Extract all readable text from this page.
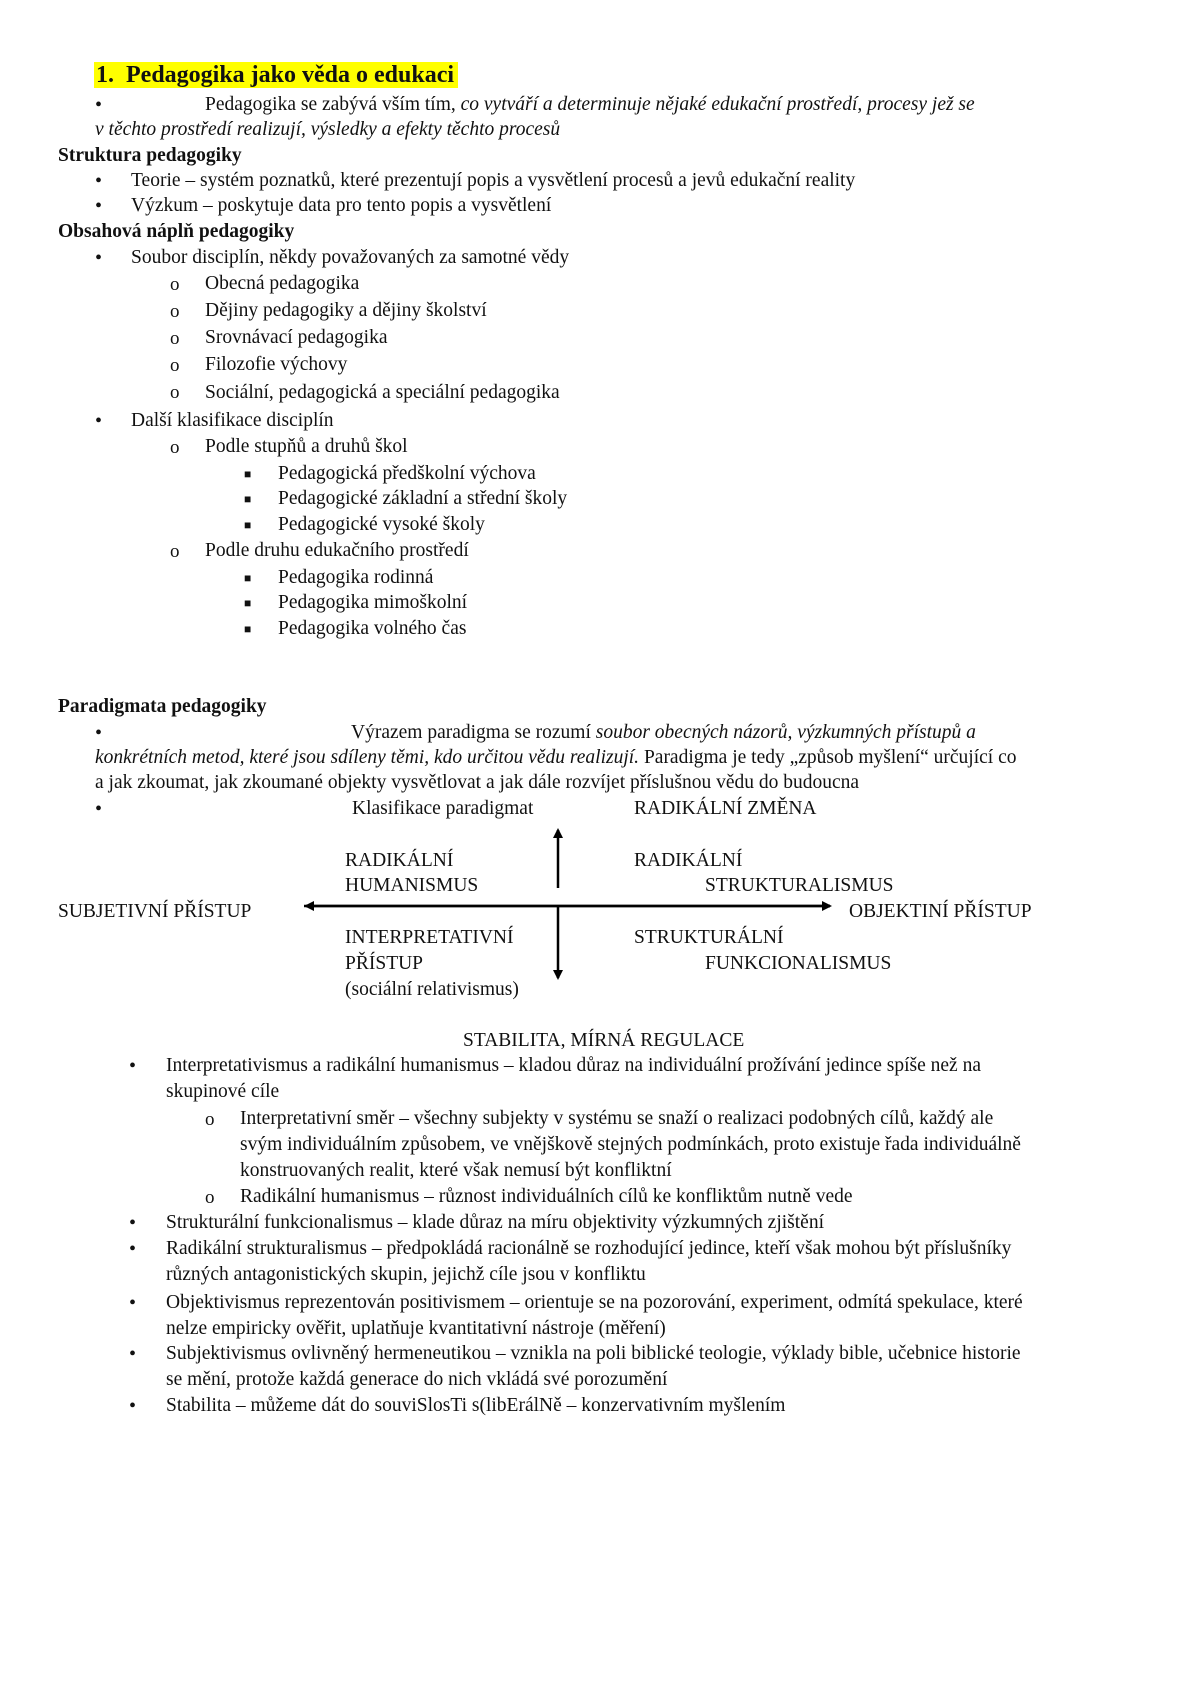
1. Pedagogika jako věda o edukaci
•	Pedagogika se zabývá vším tím, co vytváří a determinuje nějaké edukační prostředí, procesy jež se
v těchto prostředí realizují, výsledky a efekty těchto procesů
Struktura pedagogiky
• Teorie – systém poznatků, které prezentují popis a vysvětlení procesů a jevů edukační reality
• Výzkum – poskytuje data pro tento popis a vysvětlení
Obsahová náplň pedagogiky
• Soubor disciplín, někdy považovaných za samotné vědy
o Obecná pedagogika
o Dějiny pedagogiky a dějiny školství
o Srovnávací pedagogika
o Filozofie výchovy
o Sociální, pedagogická a speciální pedagogika
• Další klasifikace disciplín
o Podle stupňů a druhů škol
■ Pedagogická předškolní výchova
■ Pedagogické základní a střední školy
■ Pedagogické vysoké školy
o Podle druhu edukačního prostředí
■ Pedagogika rodinná
■ Pedagogika mimoškolní
■ Pedagogika volného čas
Paradigmata pedagogiky
•	Výrazem paradigma se rozumí soubor obecných názorů, výzkumných přístupů a
konkrétních metod, které jsou sdíleny těmi, kdo určitou vědu realizují. Paradigma je tedy „způsob myšlení“ určující co
a jak zkoumat, jak zkoumané objekty vysvětlovat a jak dále rozvíjet příslušnou vědu do budoucna
•	Klasifikace paradigmat	RADIKÁLNÍ ZMĚNA
RADIKÁLNÍ
HUMANISMUS
RADIKÁLNÍ
STRUKTURALISMUS
SUBJETIVNÍ PŘÍSTUP	OBJEKTINÍ PŘÍSTUP
INTERPRETATIVNÍ
PŘÍSTUP
(sociální relativismus)
STRUKTURÁLNÍ
FUNKCIONALISMUS
STABILITA, MÍRNÁ REGULACE
• Interpretativismus a radikální humanismus – kladou důraz na individuální prožívání jedince spíše než na
skupinové cíle
o Interpretativní směr – všechny subjekty v systému se snaží o realizaci podobných cílů, každý ale
svým individuálním způsobem, ve vnějškově stejných podmínkách, proto existuje řada individuálně
konstruovaných realit, které však nemusí být konfliktní
o Radikální humanismus – různost individuálních cílů ke konfliktům nutně vede
• Strukturální funkcionalismus – klade důraz na míru objektivity výzkumných zjištění
• Radikální strukturalismus – předpokládá racionálně se rozhodující jedince, kteří však mohou být příslušníky
různých antagonistických skupin, jejichž cíle jsou v konfliktu
• Objektivismus reprezentován positivismem – orientuje se na pozorování, experiment, odmítá spekulace, které
nelze empiricky ověřit, uplatňuje kvantitativní nástroje (měření)
• Subjektivismus ovlivněný hermeneutikou – vznikla na poli biblické teologie, výklady bible, učebnice historie
se mění, protože každá generace do nich vkládá své porozumění
• Stabilita – můžeme dát do souviSlosTi s(libErálNě – konzervativním myšlením
